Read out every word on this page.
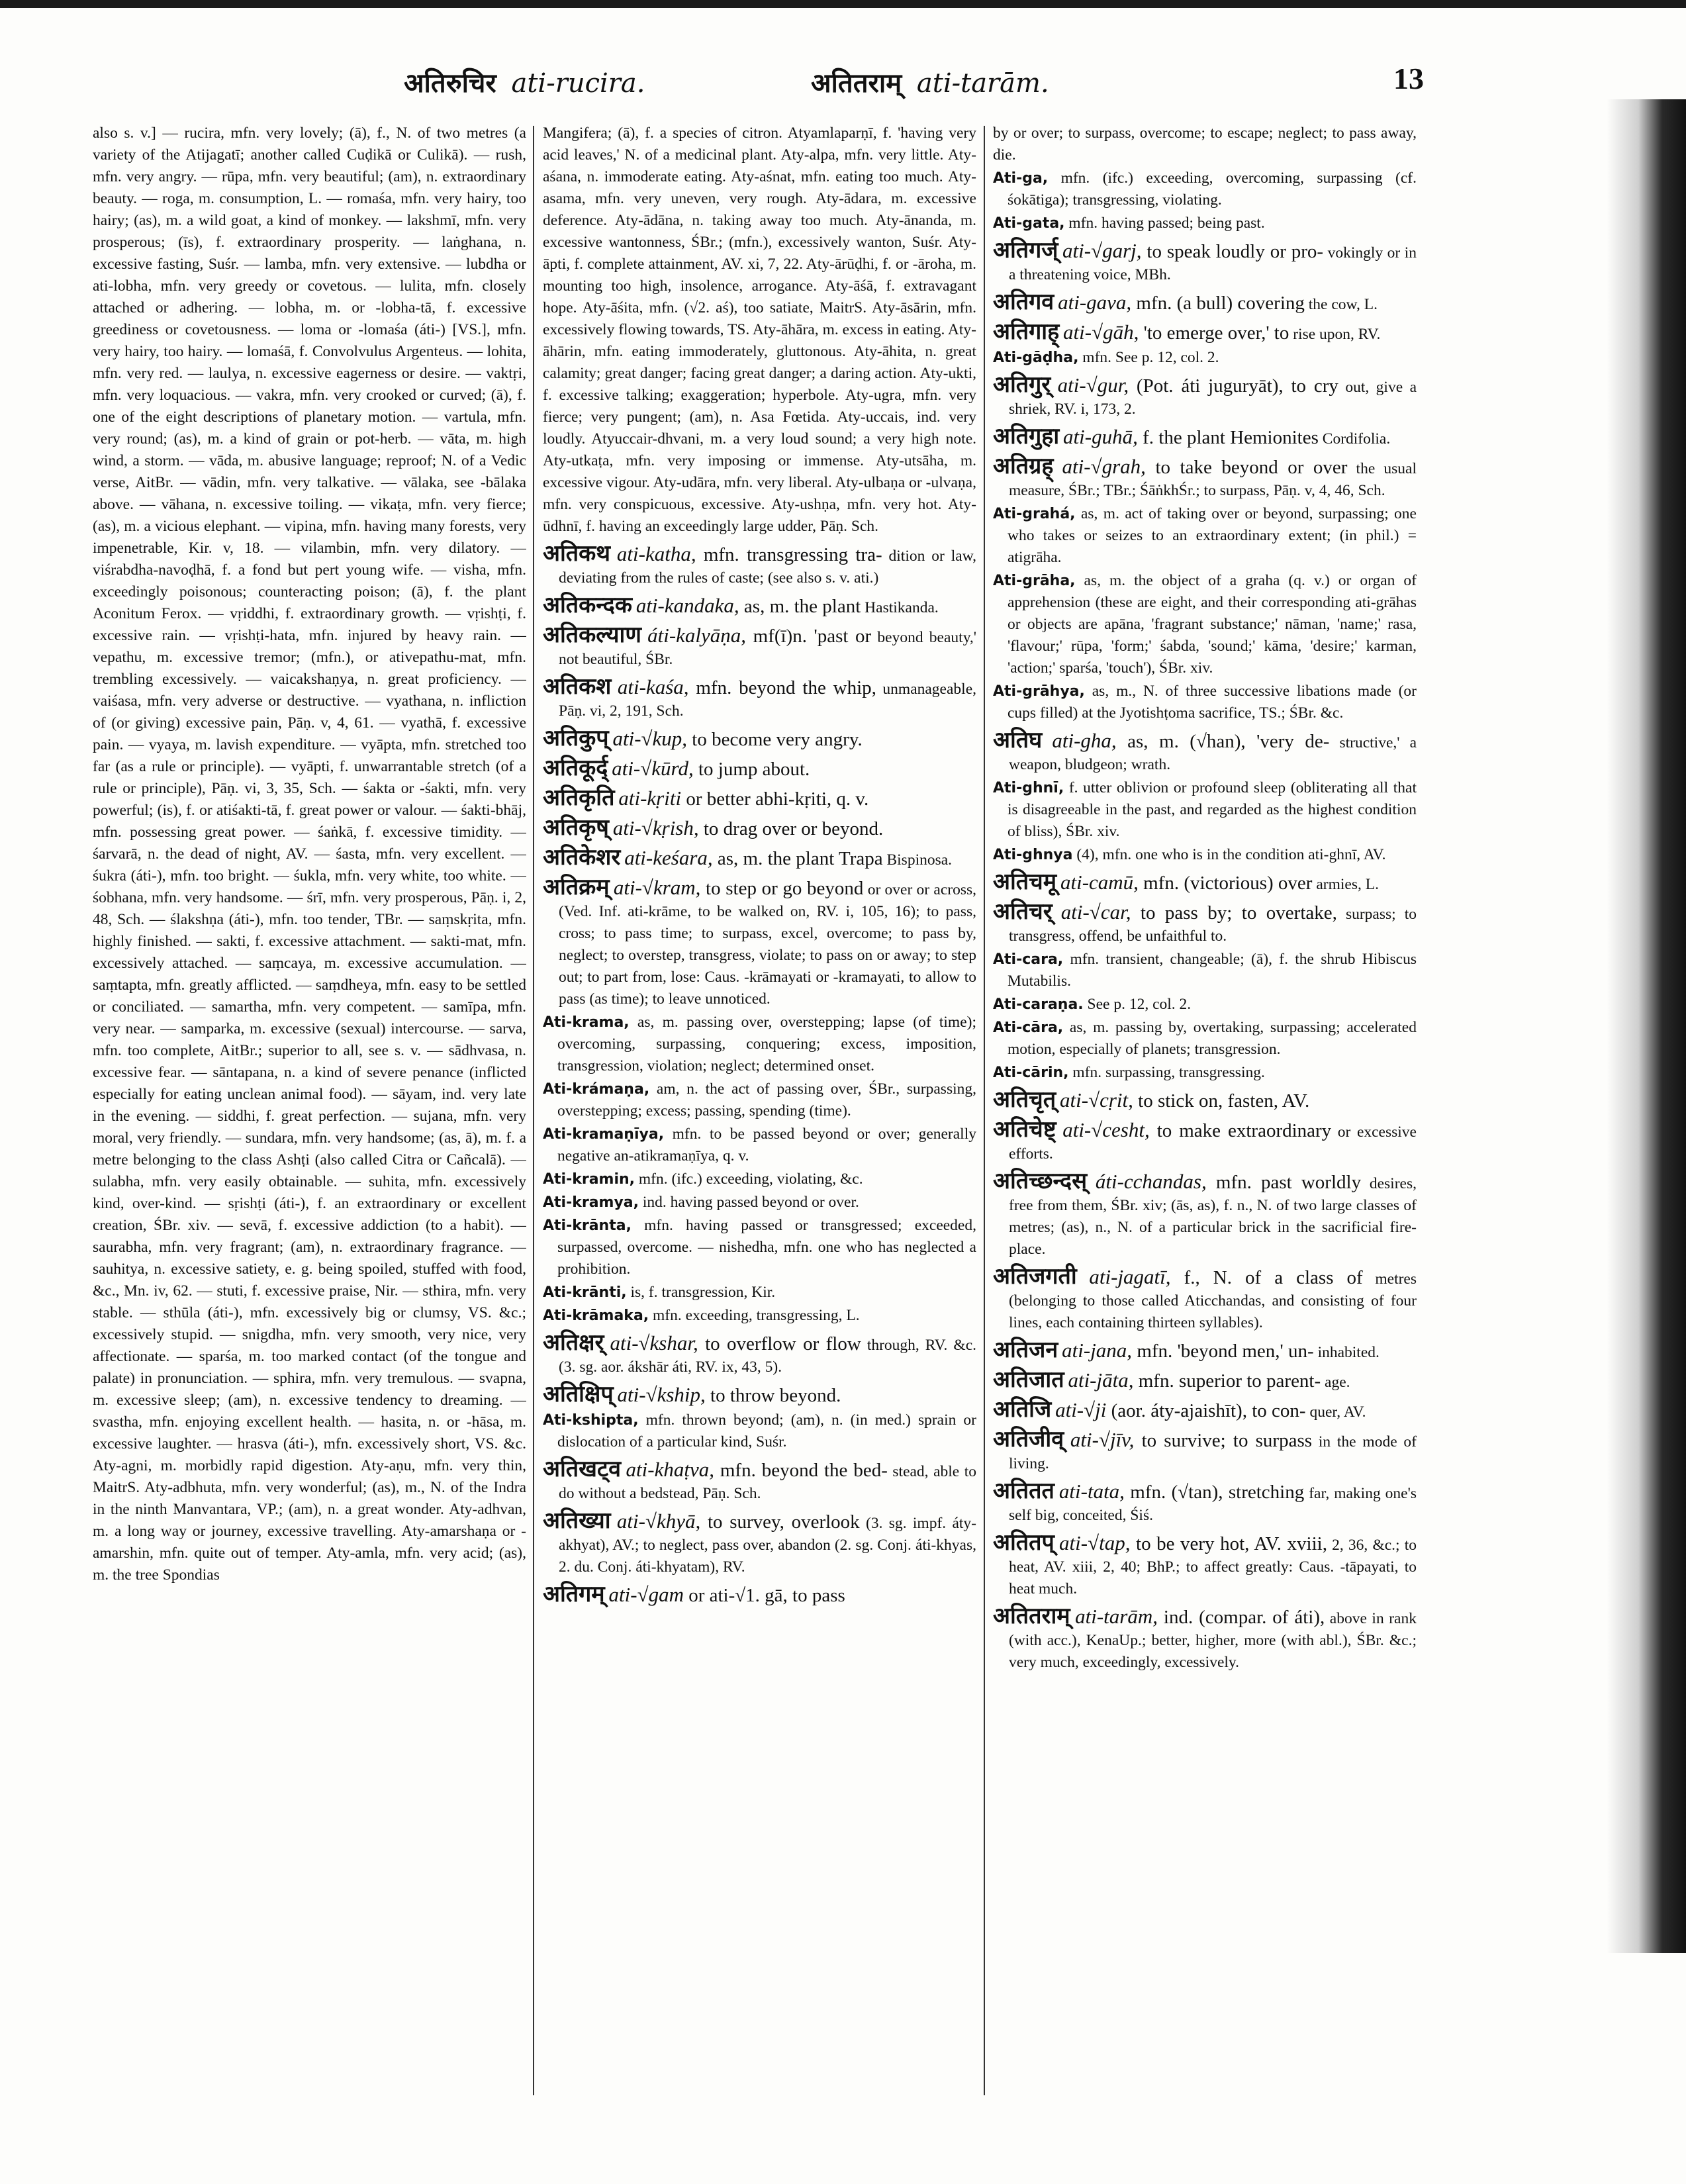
अतिरुचिर ati-rucira.	अतितराम् ati-tarām.	13

also s. v.] — rucira, mfn. very lovely; (ā), f., N. of two metres (a variety of the Atijagatī; another called Cuḍikā or Culikā). — rush, mfn. very angry. — rūpa, mfn. very beautiful; (am), n. extraordinary beauty. — roga, m. consumption, L. — romaśa, mfn. very hairy, too hairy; (as), m. a wild goat, a kind of monkey. — lakshmī, mfn. very prosperous; (īs), f. extraordinary prosperity. — laṅghana, n. excessive fasting, Suśr. — lamba, mfn. very extensive. — lubdha or ati-lobha, mfn. very greedy or covetous. — lulita, mfn. closely attached or adhering. — lobha, m. or -lobha-tā, f. excessive greediness or covetousness. — loma or -lomaśa (áti-) [VS.], mfn. very hairy, too hairy. — lomaśā, f. Convolvulus Argenteus. — lohita, mfn. very red. — laulya, n. excessive eagerness or desire. — vaktṛi, mfn. very loquacious. — vakra, mfn. very crooked or curved; (ā), f. one of the eight descriptions of planetary motion. — vartula, mfn. very round; (as), m. a kind of grain or pot-herb. — vāta, m. high wind, a storm. — vāda, m. abusive language; reproof; N. of a Vedic verse, AitBr. — vādin, mfn. very talkative. — vālaka, see -bālaka above. — vāhana, n. excessive toiling. — vikaṭa, mfn. very fierce; (as), m. a vicious elephant. — vipina, mfn. having many forests, very impenetrable, Kir. v, 18. — vilambin, mfn. very dilatory. — viśrabdha-navoḍhā, f. a fond but pert young wife. — visha, mfn. exceedingly poisonous; counteracting poison; (ā), f. the plant Aconitum Ferox. — vṛiddhi, f. extraordinary growth. — vṛishṭi, f. excessive rain. — vṛishṭi-hata, mfn. injured by heavy rain. — vepathu, m. excessive tremor; (mfn.), or ativepathu-mat, mfn. trembling excessively. — vaicakshaṇya, n. great proficiency. — vaiśasa, mfn. very adverse or destructive. — vyathana, n. infliction of (or giving) excessive pain, Pāṇ. v, 4, 61. — vyathā, f. excessive pain. — vyaya, m. lavish expenditure. — vyāpta, mfn. stretched too far (as a rule or principle). — vyāpti, f. unwarrantable stretch (of a rule or principle), Pāṇ. vi, 3, 35, Sch. — śakta or -śakti, mfn. very powerful; (is), f. or atiśakti-tā, f. great power or valour. — śakti-bhāj, mfn. possessing great power. — śaṅkā, f. excessive timidity. — śarvarā, n. the dead of night, AV. — śasta, mfn. very excellent. — śukra (áti-), mfn. too bright. — śukla, mfn. very white, too white. — śobhana, mfn. very handsome. — śrī, mfn. very prosperous, Pāṇ. i, 2, 48, Sch. — ślakshṇa (áti-), mfn. too tender, TBr. — saṃskṛita, mfn. highly finished. — sakti, f. excessive attachment. — sakti-mat, mfn. excessively attached. — saṃcaya, m. excessive accumulation. — saṃtapta, mfn. greatly afflicted. — saṃdheya, mfn. easy to be settled or conciliated. — samartha, mfn. very competent. — samīpa, mfn. very near. — samparka, m. excessive (sexual) intercourse. — sarva, mfn. too complete, AitBr.; superior to all, see s. v. — sādhvasa, n. excessive fear. — sāntapana, n. a kind of severe penance (inflicted especially for eating unclean animal food). — sāyam, ind. very late in the evening. — siddhi, f. great perfection. — sujana, mfn. very moral, very friendly. — sundara, mfn. very handsome; (as, ā), m. f. a metre belonging to the class Ashṭi (also called Citra or Cañcalā). — sulabha, mfn. very easily obtainable. — suhita, mfn. excessively kind, over-kind. — sṛishṭi (áti-), f. an extraordinary or excellent creation, ŚBr. xiv. — sevā, f. excessive addiction (to a habit). — saurabha, mfn. very fragrant; (am), n. extraordinary fragrance. — sauhitya, n. excessive satiety, e. g. being spoiled, stuffed with food, &c., Mn. iv, 62. — stuti, f. excessive praise, Nir. — sthira, mfn. very stable. — sthūla (áti-), mfn. excessively big or clumsy, VS. &c.; excessively stupid. — snigdha, mfn. very smooth, very nice, very affectionate. — sparśa, m. too marked contact (of the tongue and palate) in pronunciation. — sphira, mfn. very tremulous. — svapna, m. excessive sleep; (am), n. excessive tendency to dreaming. — svastha, mfn. enjoying excellent health. — hasita, n. or -hāsa, m. excessive laughter. — hrasva (áti-), mfn. excessively short, VS. &c. Aty-agni, m. morbidly rapid digestion. Aty-aṇu, mfn. very thin, MaitrS. Aty-adbhuta, mfn. very wonderful; (as), m., N. of the Indra in the ninth Manvantara, VP.; (am), n. a great wonder. Aty-adhvan, m. a long way or journey, excessive travelling. Aty-amarshaṇa or -amarshin, mfn. quite out of temper. Aty-amla, mfn. very acid; (as), m. the tree Spondias

Mangifera; (ā), f. a species of citron. Atyamlaparṇī, f. 'having very acid leaves,' N. of a medicinal plant. Aty-alpa, mfn. very little. Aty-aśana, n. immoderate eating. Aty-aśnat, mfn. eating too much. Aty-asama, mfn. very uneven, very rough. Aty-ādara, m. excessive deference. Aty-ādāna, n. taking away too much. Aty-ānanda, m. excessive wantonness, ŚBr.; (mfn.), excessively wanton, Suśr. Aty-āpti, f. complete attainment, AV. xi, 7, 22. Aty-ārūḍhi, f. or -āroha, m. mounting too high, insolence, arrogance. Aty-āśā, f. extravagant hope. Aty-āśita, mfn. (√2. aś), too satiate, MaitrS. Aty-āsārin, mfn. excessively flowing towards, TS. Aty-āhāra, m. excess in eating. Aty-āhārin, mfn. eating immoderately, gluttonous. Aty-āhita, n. great calamity; great danger; facing great danger; a daring action. Aty-ukti, f. excessive talking; exaggeration; hyperbole. Aty-ugra, mfn. very fierce; very pungent; (am), n. Asa Fœtida. Aty-uccais, ind. very loudly. Atyuccair-dhvani, m. a very loud sound; a very high note. Aty-utkaṭa, mfn. very imposing or immense. Aty-utsāha, m. excessive vigour. Aty-udāra, mfn. very liberal. Aty-ulbaṇa or -ulvaṇa, mfn. very conspicuous, excessive. Aty-ushṇa, mfn. very hot. Aty-ūdhnī, f. having an exceedingly large udder, Pāṇ. Sch.

अतिकथ ati-katha, mfn. transgressing tra- dition or law, deviating from the rules of caste; (see also s. v. ati.)

अतिकन्दक ati-kandaka, as, m. the plant Hastikanda.

अतिकल्याण áti-kalyāṇa, mf(ī)n. 'past or beyond beauty,' not beautiful, ŚBr.

अतिकश ati-kaśa, mfn. beyond the whip, unmanageable, Pāṇ. vi, 2, 191, Sch.

अतिकुप् ati-√kup, to become very angry.

अतिकूर्द् ati-√kūrd, to jump about.

अतिकृति ati-kṛiti or better abhi-kṛiti, q. v.

अतिकृष् ati-√kṛish, to drag over or beyond.

अतिकेशर ati-keśara, as, m. the plant Trapa Bispinosa.

अतिक्रम् ati-√kram, to step or go beyond or over or across, (Ved. Inf. ati-krāme, to be walked on, RV. i, 105, 16); to pass, cross; to pass time; to surpass, excel, overcome; to pass by, neglect; to overstep, transgress, violate; to pass on or away; to step out; to part from, lose: Caus. -krāmayati or -kramayati, to allow to pass (as time); to leave unnoticed.

Ati-krama, as, m. passing over, overstepping; lapse (of time); overcoming, surpassing, conquering; excess, imposition, transgression, violation; neglect; determined onset.

Ati-krámaṇa, am, n. the act of passing over, ŚBr., surpassing, overstepping; excess; passing, spending (time).

Ati-kramaṇīya, mfn. to be passed beyond or over; generally negative an-atikramaṇīya, q. v.

Ati-kramin, mfn. (ifc.) exceeding, violating, &c.

Ati-kramya, ind. having passed beyond or over.

Ati-krānta, mfn. having passed or transgressed; exceeded, surpassed, overcome. — nishedha, mfn. one who has neglected a prohibition.

Ati-krānti, is, f. transgression, Kir.

Ati-krāmaka, mfn. exceeding, transgressing, L.

अतिक्षर् ati-√kshar, to overflow or flow through, RV. &c. (3. sg. aor. ákshār áti, RV. ix, 43, 5).

अतिक्षिप् ati-√kship, to throw beyond.

Ati-kshipta, mfn. thrown beyond; (am), n. (in med.) sprain or dislocation of a particular kind, Suśr.

अतिखट्व ati-khaṭva, mfn. beyond the bed- stead, able to do without a bedstead, Pāṇ. Sch.

अतिख्या ati-√khyā, to survey, overlook (3. sg. impf. áty-akhyat), AV.; to neglect, pass over, abandon (2. sg. Conj. áti-khyas, 2. du. Conj. áti-khyatam), RV.

अतिगम् ati-√gam or ati-√1. gā, to pass

by or over; to surpass, overcome; to escape; neglect; to pass away, die.

Ati-ga, mfn. (ifc.) exceeding, overcoming, surpassing (cf. śokātiga); transgressing, violating.

Ati-gata, mfn. having passed; being past.

अतिगर्ज् ati-√garj, to speak loudly or pro- vokingly or in a threatening voice, MBh.

अतिगव ati-gava, mfn. (a bull) covering the cow, L.

अतिगाह् ati-√gāh, 'to emerge over,' to rise upon, RV.

Ati-gāḍha, mfn. See p. 12, col. 2.

अतिगुर् ati-√gur, (Pot. áti juguryāt), to cry out, give a shriek, RV. i, 173, 2.

अतिगुहा ati-guhā, f. the plant Hemionites Cordifolia.

अतिग्रह् ati-√grah, to take beyond or over the usual measure, ŚBr.; TBr.; ŚāṅkhŚr.; to surpass, Pāṇ. v, 4, 46, Sch.

Ati-grahá, as, m. act of taking over or beyond, surpassing; one who takes or seizes to an extraordinary extent; (in phil.) = atigrāha.

Ati-grāha, as, m. the object of a graha (q. v.) or organ of apprehension (these are eight, and their corresponding ati-grāhas or objects are apāna, 'fragrant substance;' nāman, 'name;' rasa, 'flavour;' rūpa, 'form;' śabda, 'sound;' kāma, 'desire;' karman, 'action;' sparśa, 'touch'), ŚBr. xiv.

Ati-grāhya, as, m., N. of three successive libations made (or cups filled) at the Jyotishṭoma sacrifice, TS.; ŚBr. &c.

अतिघ ati-gha, as, m. (√han), 'very de- structive,' a weapon, bludgeon; wrath.

Ati-ghnī, f. utter oblivion or profound sleep (obliterating all that is disagreeable in the past, and regarded as the highest condition of bliss), ŚBr. xiv.

Ati-ghnya (4), mfn. one who is in the condition ati-ghnī, AV.

अतिचमू ati-camū, mfn. (victorious) over armies, L.

अतिचर् ati-√car, to pass by; to overtake, surpass; to transgress, offend, be unfaithful to.

Ati-cara, mfn. transient, changeable; (ā), f. the shrub Hibiscus Mutabilis.

Ati-caraṇa. See p. 12, col. 2.

Ati-cāra, as, m. passing by, overtaking, surpassing; accelerated motion, especially of planets; transgression.

Ati-cārin, mfn. surpassing, transgressing.

अतिचृत् ati-√cṛit, to stick on, fasten, AV.

अतिचेष्ट् ati-√cesht, to make extraordinary or excessive efforts.

अतिच्छन्दस् áti-cchandas, mfn. past worldly desires, free from them, ŚBr. xiv; (ās, as), f. n., N. of two large classes of metres; (as), n., N. of a particular brick in the sacrificial fire-place.

अतिजगती ati-jagatī, f., N. of a class of metres (belonging to those called Aticchandas, and consisting of four lines, each containing thirteen syllables).

अतिजन ati-jana, mfn. 'beyond men,' un- inhabited.

अतिजात ati-jāta, mfn. superior to parent- age.

अतिजि ati-√ji (aor. áty-ajaishīt), to con- quer, AV.

अतिजीव् ati-√jīv, to survive; to surpass in the mode of living.

अतितत ati-tata, mfn. (√tan), stretching far, making one's self big, conceited, Śiś.

अतितप् ati-√tap, to be very hot, AV. xviii, 2, 36, &c.; to heat, AV. xiii, 2, 40; BhP.; to affect greatly: Caus. -tāpayati, to heat much.

अतितराम् ati-tarām, ind. (compar. of áti), above in rank (with acc.), KenaUp.; better, higher, more (with abl.), ŚBr. &c.; very much, exceedingly, excessively.
